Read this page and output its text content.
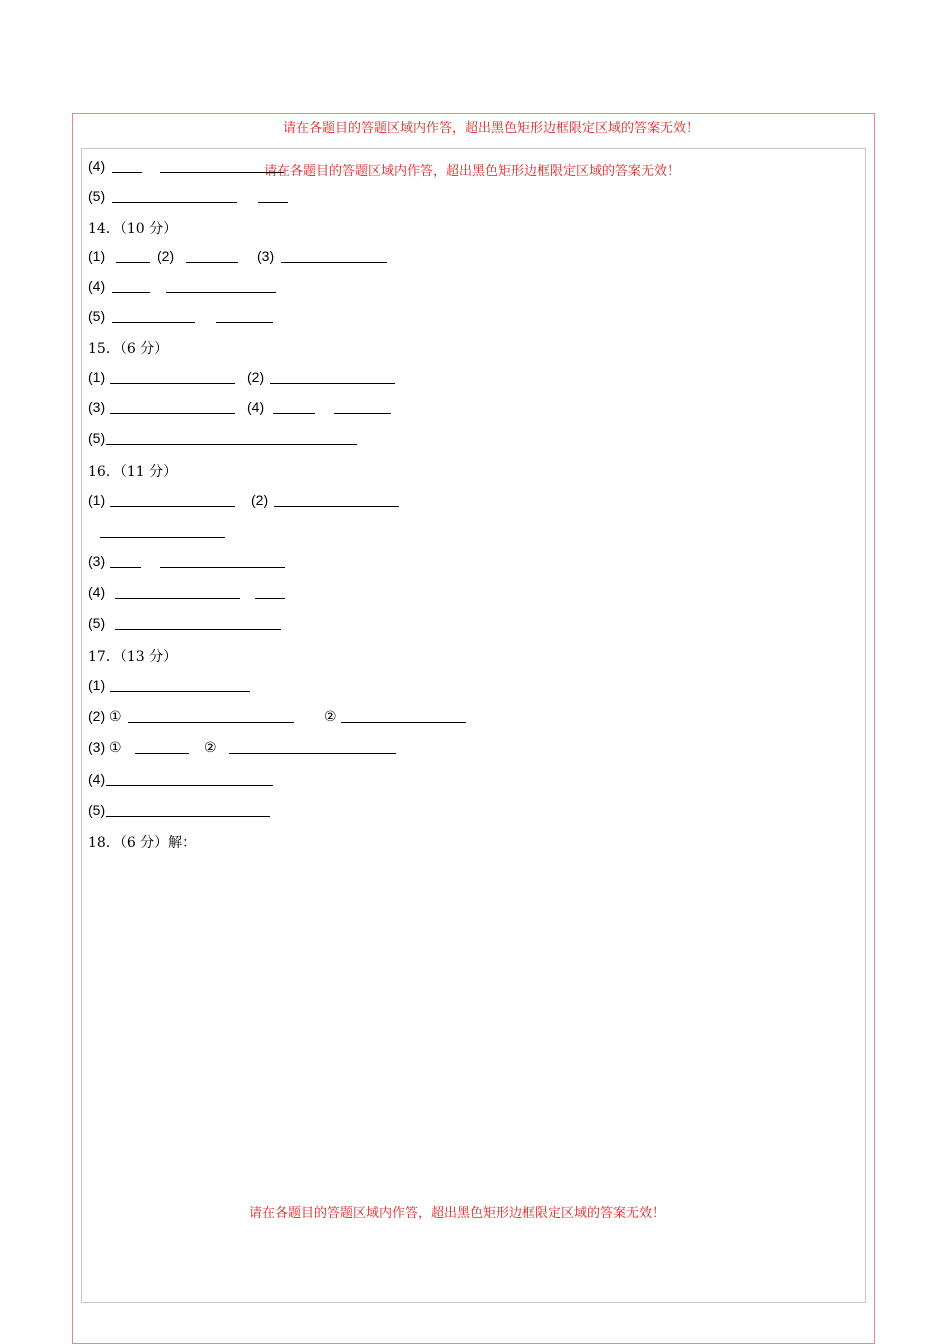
请在各题目的答题区域内作答，超出黑色矩形边框限定区域的答案无效！
请在各题目的答题区域内作答，超出黑色矩形边框限定区域的答案无效！
请在各题目的答题区域内作答，超出黑色矩形边框限定区域的答案无效！
(4)
(5)
14．（10 分）
(1)	(2)	(3)
(4)
(5)
15．（6 分）
(1)	(2)
(3)	(4)
(5)
16．（11 分）
(1)	(2)
(3)
(4)
(5)
17．（13 分）
(1)
(2) ①	②
(3) ①	②
(4)
(5)
18．（6 分）解：
